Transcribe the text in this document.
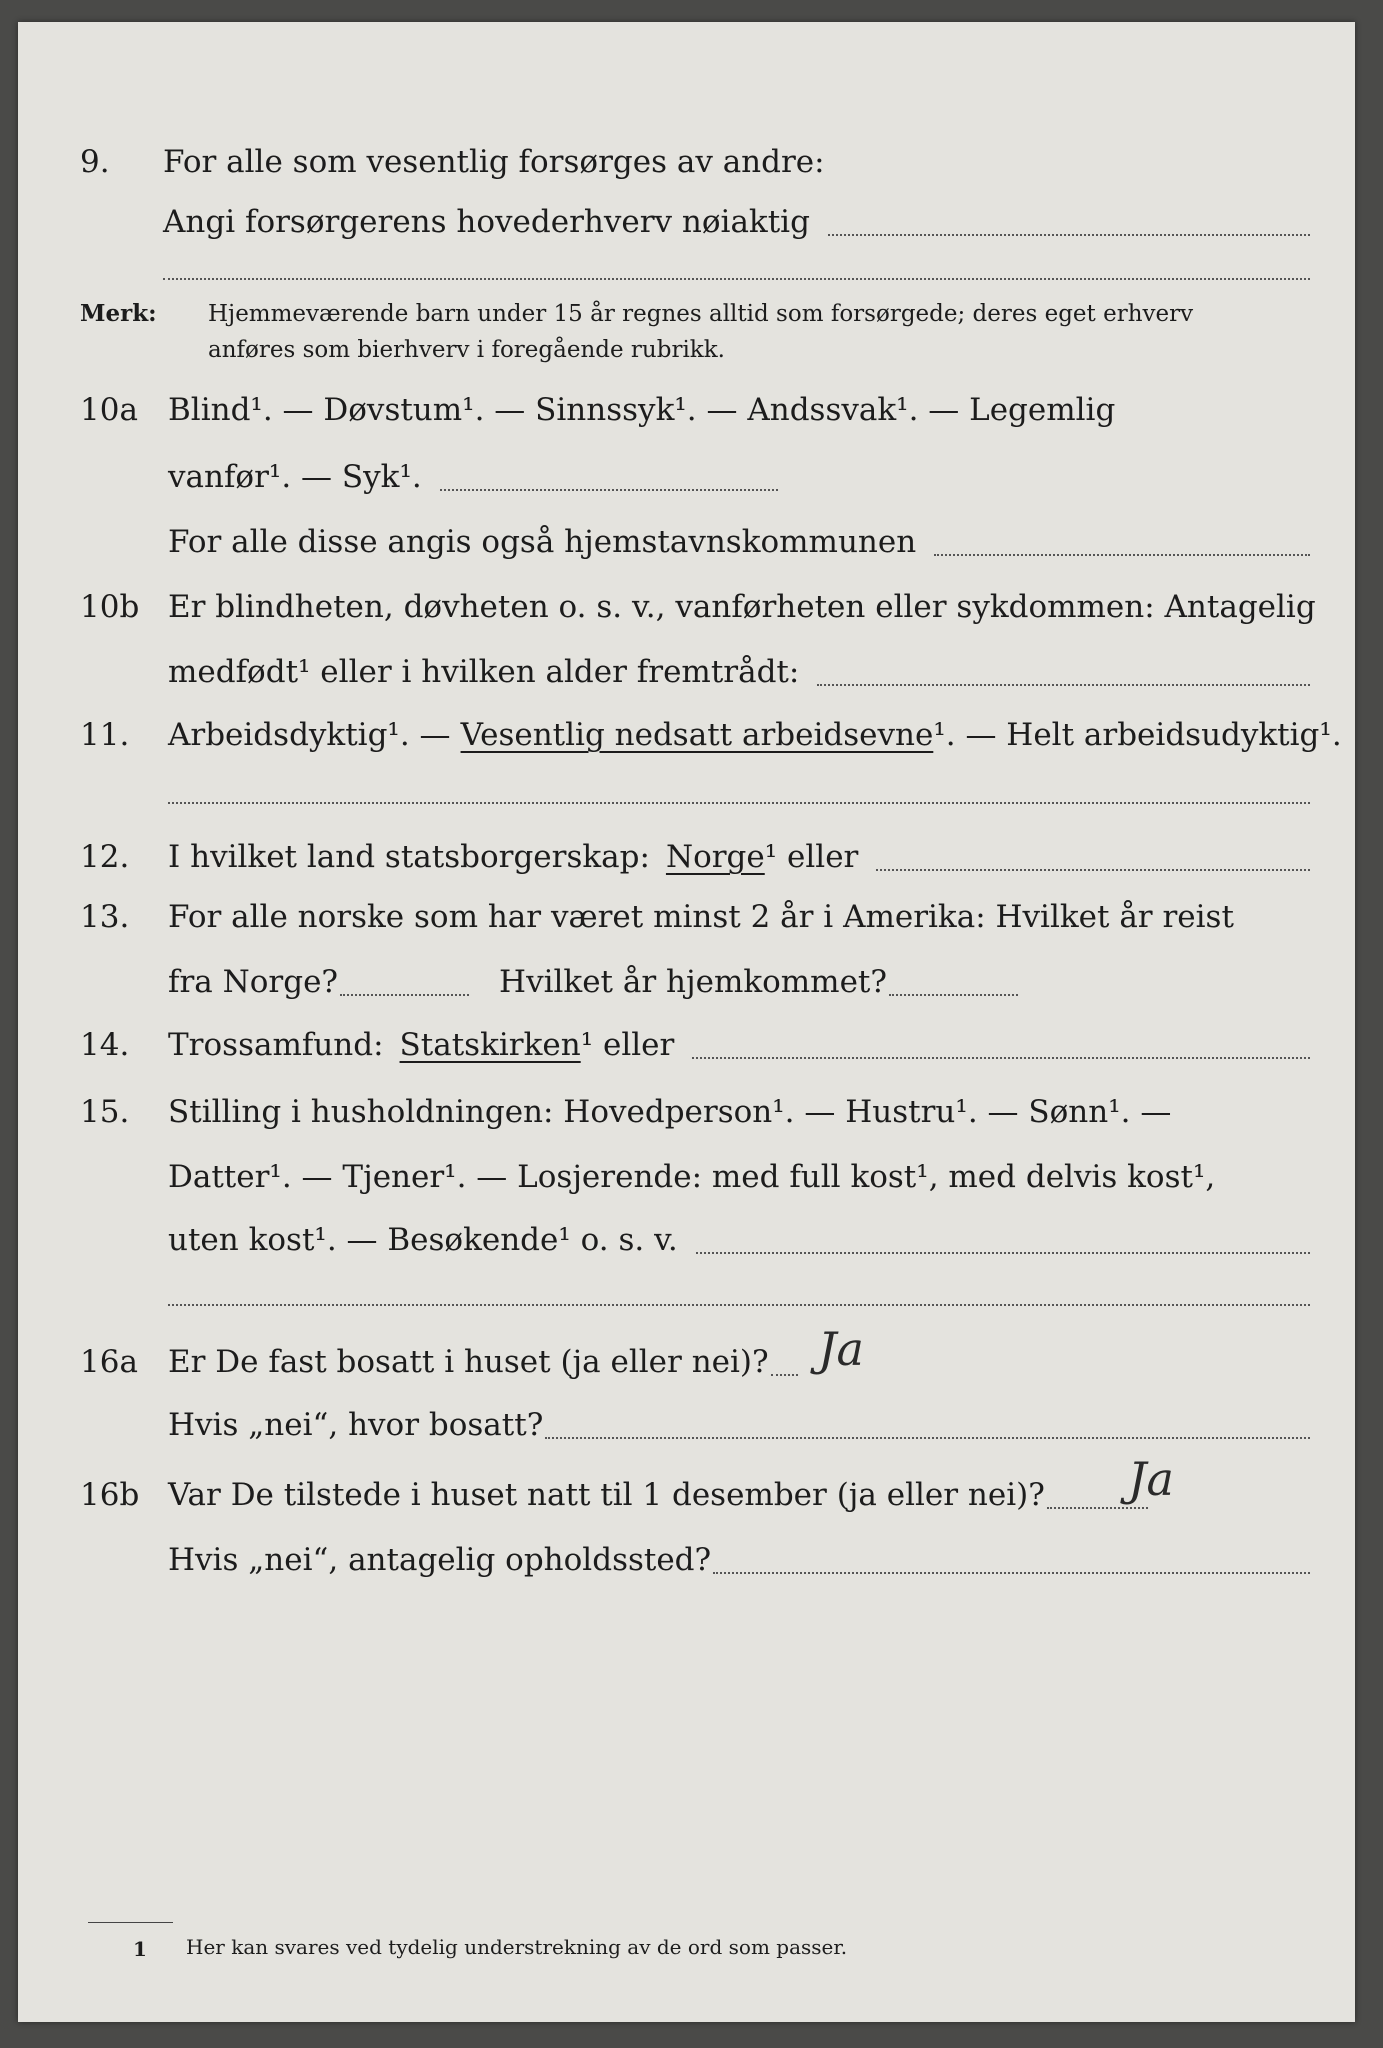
9. For alle som vesentlig forsørges av andre:
Angi forsørgerens hovederhverv nøiaktig
Merk: Hjemmeværende barn under 15 år regnes alltid som forsørgede; deres eget erhverv
anføres som bierhverv i foregående rubrikk.
10a Blind¹. — Døvstum¹. — Sinnssyk¹. — Andssvak¹. — Legemlig
vanfør¹. — Syk¹.
For alle disse angis også hjemstavnskommunen
10b Er blindheten, døvheten o. s. v., vanførheten eller sykdommen: Antagelig
medfødt¹ eller i hvilken alder fremtrådt:
11. Arbeidsdyktig¹. — Vesentlig nedsatt arbeidsevne ¹. — Helt arbeidsudyktig¹.
12. I hvilket land statsborgerskap: Norge ¹ eller
13. For alle norske som har været minst 2 år i Amerika: Hvilket år reist
fra Norge?	Hvilket år hjemkommet?
14. Trossamfund: Statskirken ¹ eller
15. Stilling i husholdningen: Hovedperson¹. — Hustru¹. — Sønn¹. —
Datter¹. — Tjener¹. — Losjerende: med full kost¹, med delvis kost¹,
uten kost¹. — Besøkende¹ o. s. v.
16a Er De fast bosatt i huset (ja eller nei)? Ja
Hvis „nei“, hvor bosatt?
16b Var De tilstede i huset natt til 1 desember (ja eller nei)? Ja
Hvis „nei“, antagelig opholdssted?
1 Her kan svares ved tydelig understrekning av de ord som passer.
